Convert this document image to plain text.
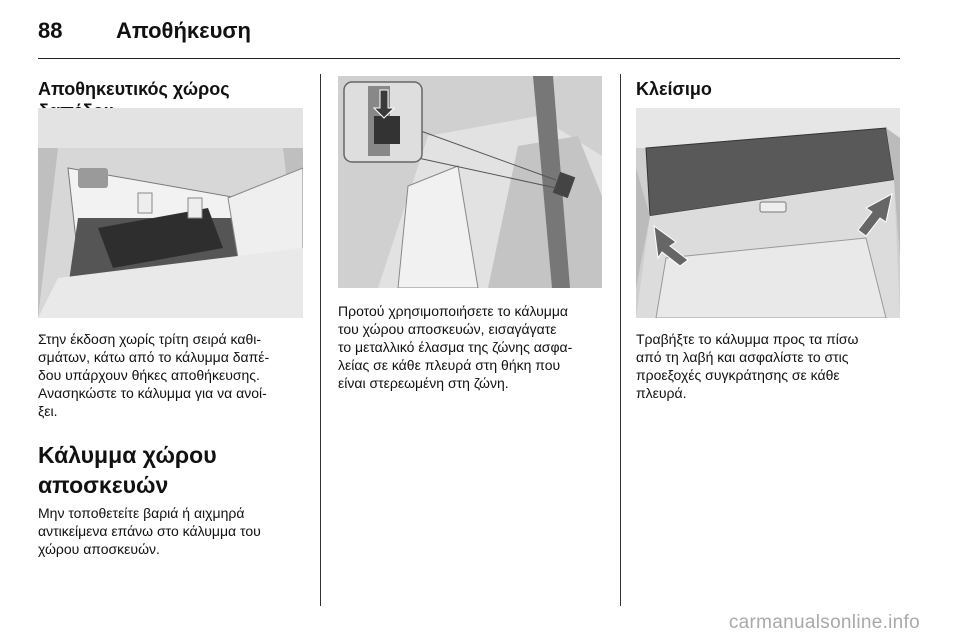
88 Αποθήκευση
Αποθηκευτικός χώρος

Στην έκδοση χωρίς τρίτη σειρά καθι-
σμάτων, κάτω από το κάλυμμα δαπέ-
δου υπάρχουν θήκες αποθήκευσης.
Ανασηκώστε το κάλυμμα για να ανοί-
ξει.

Κάλυμμα χώρου
αποσκευών

Μην τοποθετείτε βαριά ή αιχμηρά
αντικείμενα επάνω στο κάλυμμα του
χώρου αποσκευών.

Προτού χρησιμοποιήσετε το κάλυμμα
του χώρου αποσκευών, εισαγάγατε
το μεταλλικό έλασμα της ζώνης ασφα-
λείας σε κάθε πλευρά στη θήκη που
είναι στερεωμένη στη ζώνη.

Κλείσιμο

Τραβήξτε το κάλυμμα προς τα πίσω
από τη λαβή και ασφαλίστε το στις
προεξοχές συγκράτησης σε κάθε
πλευρά.

carmanualsonline.info
